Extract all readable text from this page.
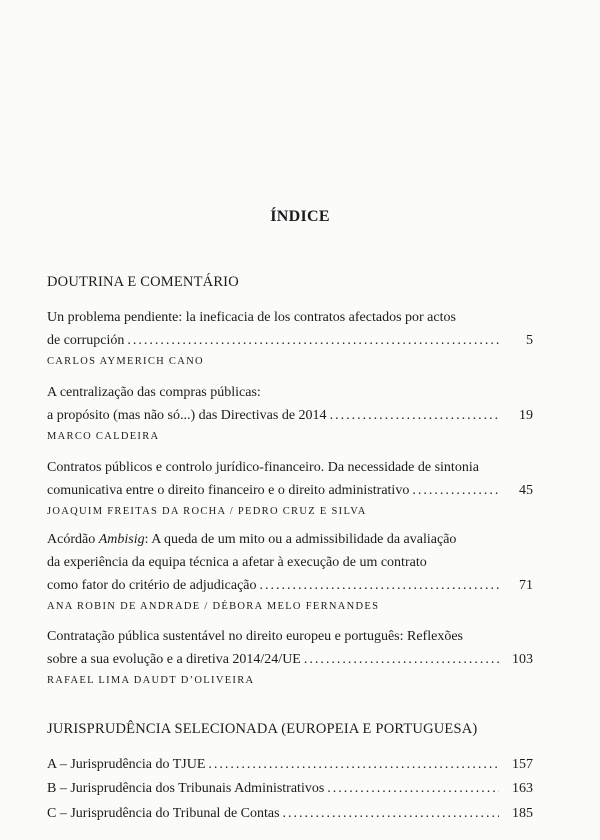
ÍNDICE
DOUTRINA E COMENTÁRIO
Un problema pendiente: la ineficacia de los contratos afectados por actos
de corrupción .....	5
CARLOS AYMERICH CANO
A centralização das compras públicas:
a propósito (mas não só...) das Directivas de 2014 .....	19
MARCO CALDEIRA
Contratos públicos e controlo jurídico-financeiro. Da necessidade de sintonia
comunicativa entre o direito financeiro e o direito administrativo .....	45
JOAQUIM FREITAS DA ROCHA / PEDRO CRUZ E SILVA
Acórdão Ambisig: A queda de um mito ou a admissibilidade da avaliação
da experiência da equipa técnica a afetar à execução de um contrato
como fator do critério de adjudicação .....	71
ANA ROBIN DE ANDRADE / DÉBORA MELO FERNANDES
Contratação pública sustentável no direito europeu e português: Reflexões
sobre a sua evolução e a diretiva 2014/24/UE .....	103
RAFAEL LIMA DAUDT D’OLIVEIRA
JURISPRUDÊNCIA SELECIONADA (EUROPEIA E PORTUGUESA)
A – Jurisprudência do TJUE .....	157
B – Jurisprudência dos Tribunais Administrativos .....	163
C – Jurisprudência do Tribunal de Contas .....	185
